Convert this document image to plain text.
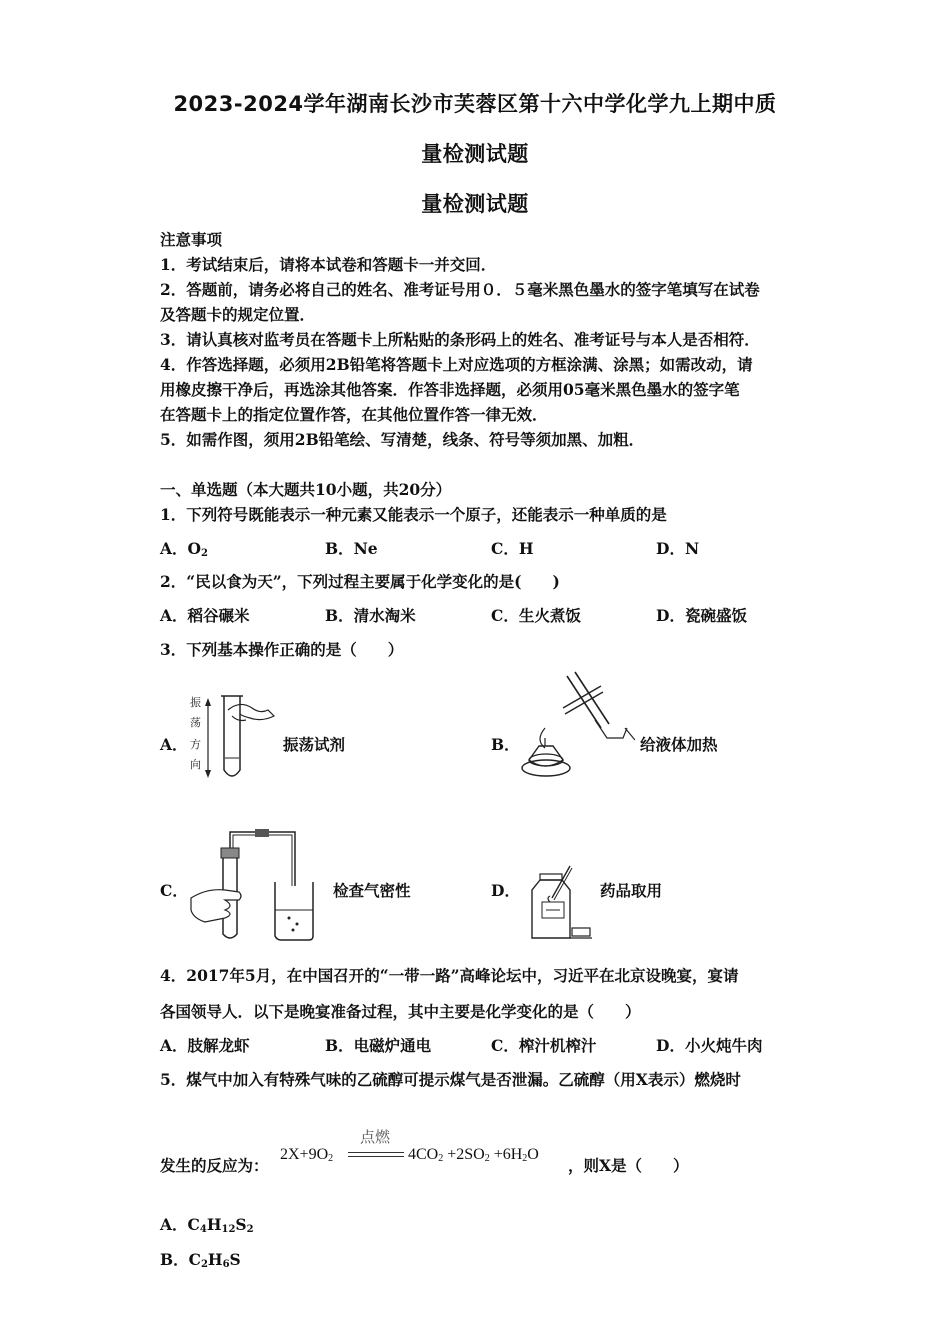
2023-2024学年湖南长沙市芙蓉区第十六中学化学九上期中质
量检测试题
量检测试题
注意事项
1．考试结束后，请将本试卷和答题卡一并交回．
2．答题前，请务必将自己的姓名、准考证号用０．５毫米黑色墨水的签字笔填写在试卷
及答题卡的规定位置．
3．请认真核对监考员在答题卡上所粘贴的条形码上的姓名、准考证号与本人是否相符．
4．作答选择题，必须用2B铅笔将答题卡上对应选项的方框涂满、涂黑；如需改动，请
用橡皮擦干净后，再选涂其他答案．作答非选择题，必须用05毫米黑色墨水的签字笔
在答题卡上的指定位置作答，在其他位置作答一律无效．
5．如需作图，须用2B铅笔绘、写清楚，线条、符号等须加黑、加粗．
一、单选题（本大题共10小题，共20分）
1．下列符号既能表示一种元素又能表示一个原子，还能表示一种单质的是
A．$O_2$	B．Ne	C．H	D．N
2．“民以食为天”，下列过程主要属于化学变化的是(　　)
A．稻谷碾米	B．清水淘米	C．生火煮饭	D．瓷碗盛饭
3．下列基本操作正确的是（　　）
A．
振
荡
方
向
振荡试剂	B．	给液体加热
C．	检查气密性	D．	药品取用
4．2017年5月，在中国召开的“一带一路”高峰论坛中，习近平在北京设晚宴，宴请
各国领导人．以下是晚宴准备过程，其中主要是化学变化的是（　　）
A．肢解龙虾	B．电磁炉通电	C．榨汁机榨汁	D．小火炖牛肉
5．煤气中加入有特殊气味的乙硫醇可提示煤气是否泄漏。乙硫醇（用X表示）燃烧时
发生的反应为：
$2X+9O_2$
点燃
$4CO_2 +2SO_2 +6H_2O$
，则X是（　　）
A．$C_4H_{12}S_2$
B．$C_2H_6S$
